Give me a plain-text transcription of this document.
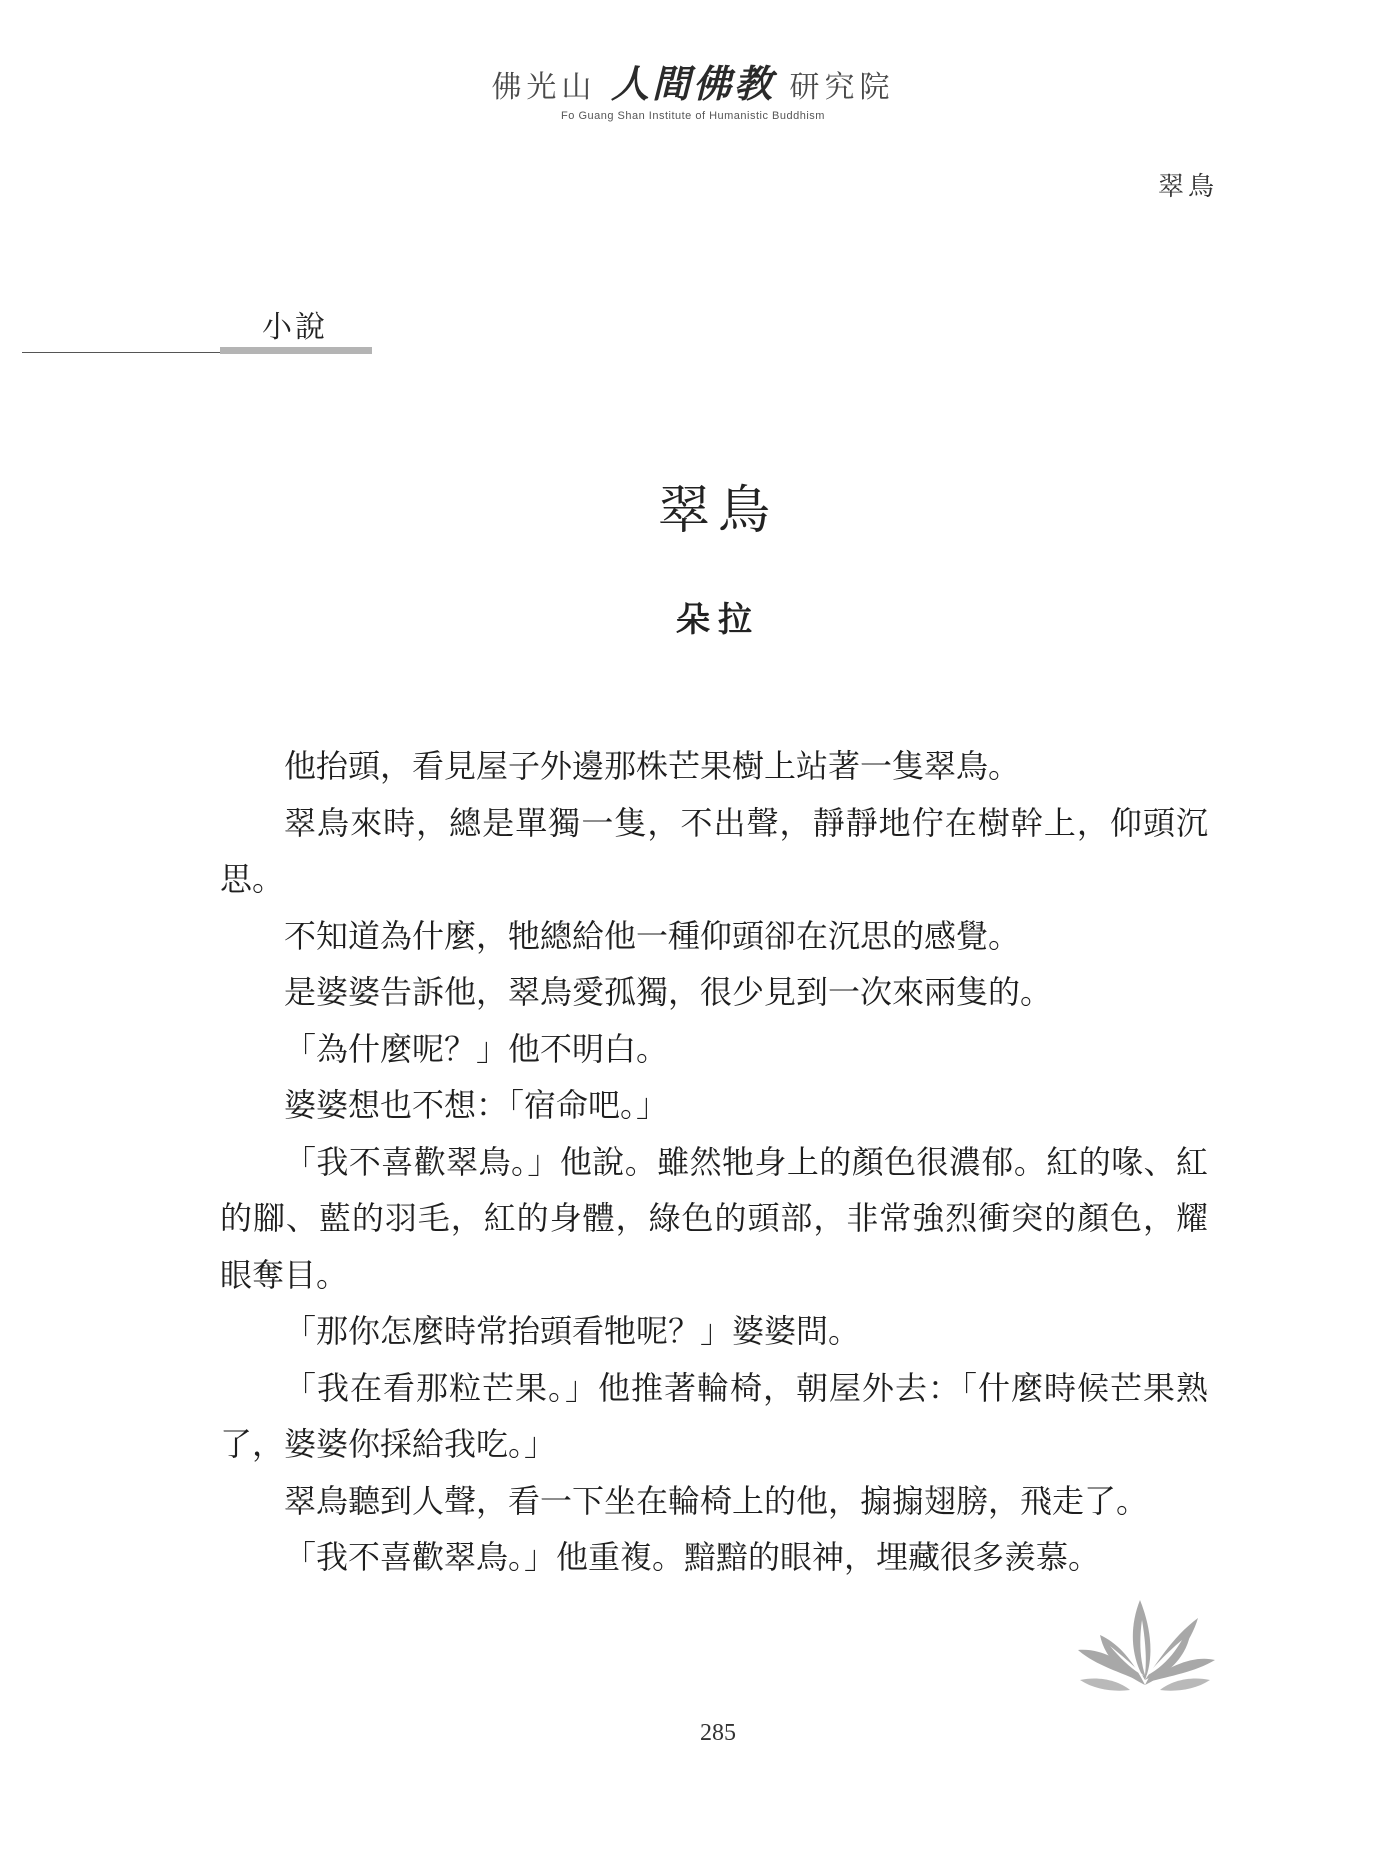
佛光山 人間佛教 研究院
Fo Guang Shan Institute of Humanistic Buddhism
翠鳥
小說
翠鳥
朵拉

他抬頭，看見屋子外邊那株芒果樹上站著一隻翠鳥。

翠鳥來時，總是單獨一隻，不出聲，靜靜地佇在樹幹上，仰頭沉思。

不知道為什麼，牠總給他一種仰頭卻在沉思的感覺。

是婆婆告訴他，翠鳥愛孤獨，很少見到一次來兩隻的。

「為什麼呢？」他不明白。

婆婆想也不想：「宿命吧。」

「我不喜歡翠鳥。」他說。雖然牠身上的顏色很濃郁。紅的喙、紅的腳、藍的羽毛，紅的身體，綠色的頭部，非常強烈衝突的顏色，耀眼奪目。

「那你怎麼時常抬頭看牠呢？」婆婆問。

「我在看那粒芒果。」他推著輪椅，朝屋外去：「什麼時候芒果熟了，婆婆你採給我吃。」

翠鳥聽到人聲，看一下坐在輪椅上的他，搧搧翅膀，飛走了。

「我不喜歡翠鳥。」他重複。黯黯的眼神，埋藏很多羨慕。

285
